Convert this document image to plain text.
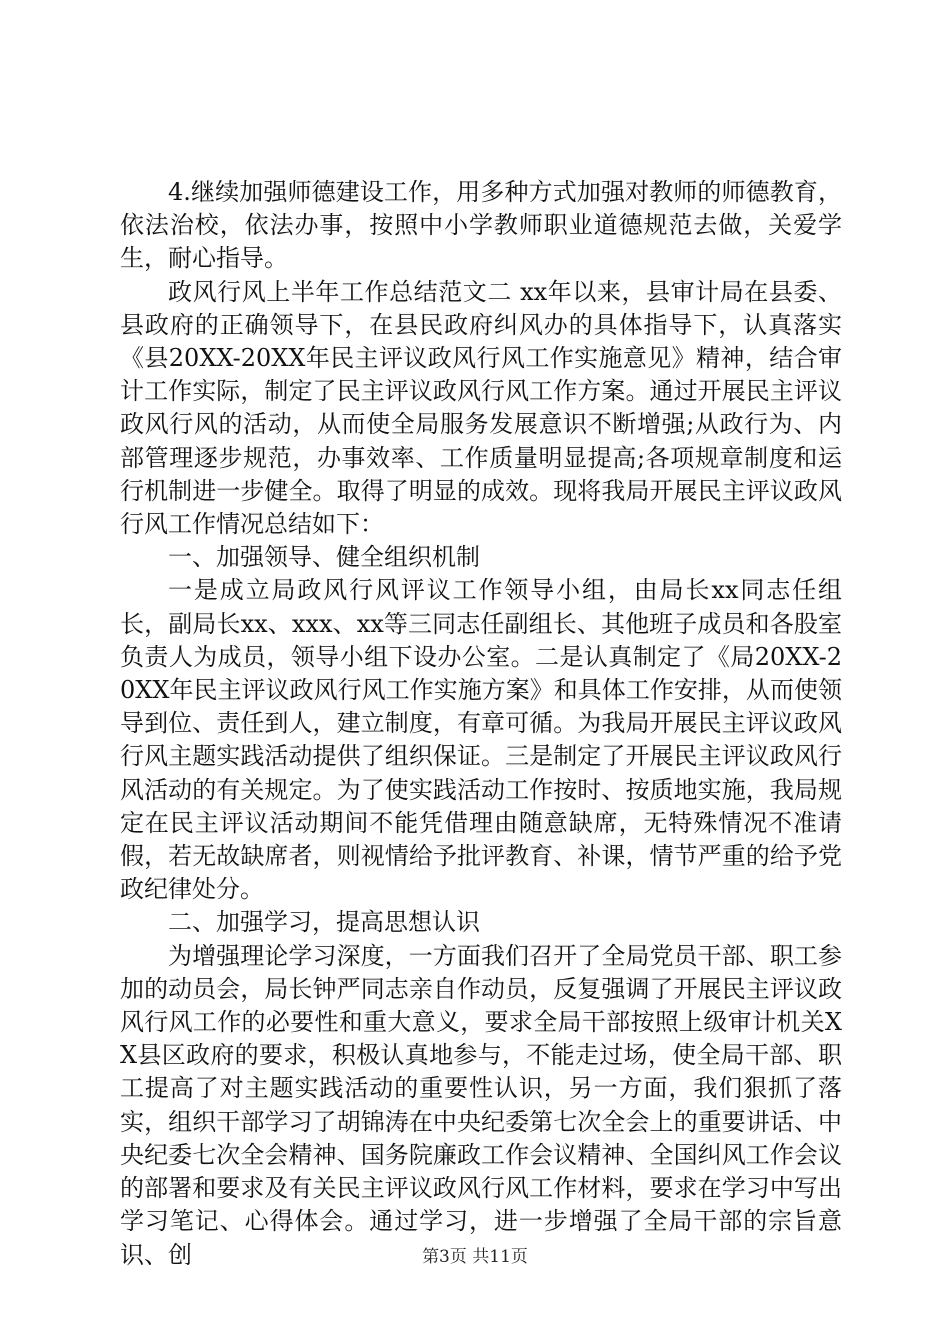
4.继续加强师德建设工作，用多种方式加强对教师的师德教育，依法治校，依法办事，按照中小学教师职业道德规范去做，关爱学生，耐心指导。

政风行风上半年工作总结范文二 xx年以来，县审计局在县委、县政府的正确领导下，在县民政府纠风办的具体指导下，认真落实《县20XX-20XX年民主评议政风行风工作实施意见》精神，结合审计工作实际，制定了民主评议政风行风工作方案。通过开展民主评议政风行风的活动，从而使全局服务发展意识不断增强;从政行为、内部管理逐步规范，办事效率、工作质量明显提高;各项规章制度和运行机制进一步健全。取得了明显的成效。现将我局开展民主评议政风行风工作情况总结如下：

一、加强领导、健全组织机制

一是成立局政风行风评议工作领导小组，由局长xx同志任组长，副局长xx、xxx、xx等三同志任副组长、其他班子成员和各股室负责人为成员，领导小组下设办公室。二是认真制定了《局20XX-20XX年民主评议政风行风工作实施方案》和具体工作安排，从而使领导到位、责任到人，建立制度，有章可循。为我局开展民主评议政风行风主题实践活动提供了组织保证。三是制定了开展民主评议政风行风活动的有关规定。为了使实践活动工作按时、按质地实施，我局规定在民主评议活动期间不能凭借理由随意缺席，无特殊情况不准请假，若无故缺席者，则视情给予批评教育、补课，情节严重的给予党政纪律处分。

二、加强学习，提高思想认识

为增强理论学习深度，一方面我们召开了全局党员干部、职工参加的动员会，局长钟严同志亲自作动员，反复强调了开展民主评议政风行风工作的必要性和重大意义，要求全局干部按照上级审计机关XX县区政府的要求，积极认真地参与，不能走过场，使全局干部、职工提高了对主题实践活动的重要性认识，另一方面，我们狠抓了落实，组织干部学习了胡锦涛在中央纪委第七次全会上的重要讲话、中央纪委七次全会精神、国务院廉政工作会议精神、全国纠风工作会议的部署和要求及有关民主评议政风行风工作材料，要求在学习中写出学习笔记、心得体会。通过学习，进一步增强了全局干部的宗旨意识、创	第3页 共11页
